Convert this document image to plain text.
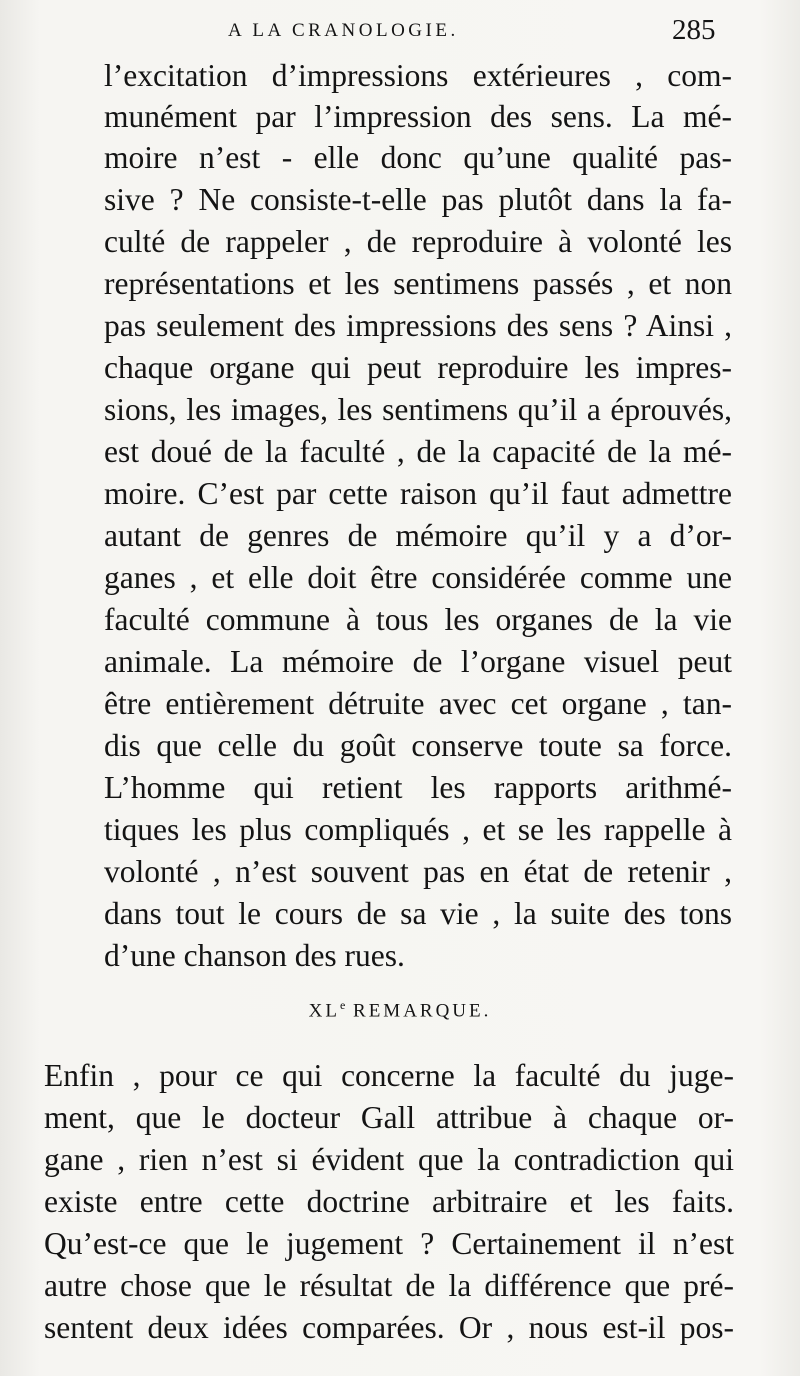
A LA CRANOLOGIE.	285
l’excitation d’impressions extérieures , com-
munément par l’impression des sens. La mé-
moire n’est - elle donc qu’une qualité pas-
sive ? Ne consiste-t-elle pas plutôt dans la fa-
culté de rappeler , de reproduire à volonté les
représentations et les sentimens passés , et non
pas seulement des impressions des sens ? Ainsi ,
chaque organe qui peut reproduire les impres-
sions, les images, les sentimens qu’il a éprouvés,
est doué de la faculté , de la capacité de la mé-
moire. C’est par cette raison qu’il faut admettre
autant de genres de mémoire qu’il y a d’or-
ganes , et elle doit être considérée comme une
faculté commune à tous les organes de la vie
animale. La mémoire de l’organe visuel peut
être entièrement détruite avec cet organe , tan-
dis que celle du goût conserve toute sa force.
L’homme qui retient les rapports arithmé-
tiques les plus compliqués , et se les rappelle à
volonté , n’est souvent pas en état de retenir ,
dans tout le cours de sa vie , la suite des tons
d’une chanson des rues.
XLe REMARQUE.
Enfin , pour ce qui concerne la faculté du juge-
ment, que le docteur Gall attribue à chaque or-
gane , rien n’est si évident que la contradiction qui
existe entre cette doctrine arbitraire et les faits.
Qu’est-ce que le jugement ? Certainement il n’est
autre chose que le résultat de la différence que pré-
sentent deux idées comparées. Or , nous est-il pos-
